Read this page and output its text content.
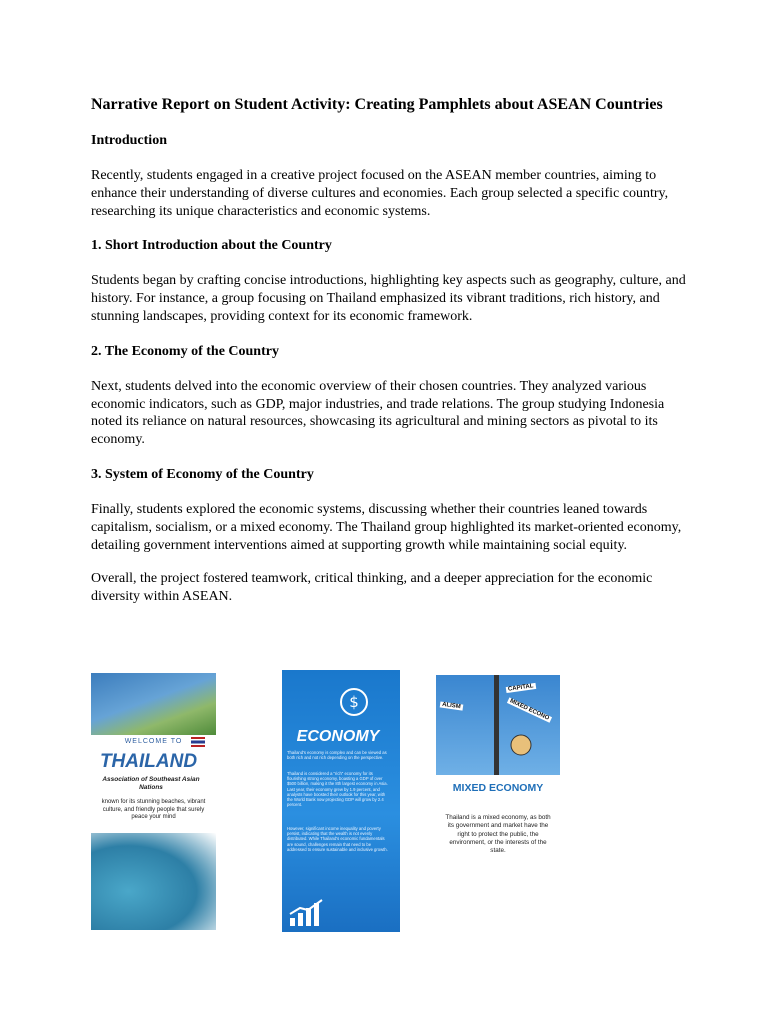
Narrative Report on Student Activity: Creating Pamphlets about ASEAN Countries
Introduction

Recently, students engaged in a creative project focused on the ASEAN member countries, aiming to enhance their understanding of diverse cultures and economies. Each group selected a specific country, researching its unique characteristics and economic systems.

1. Short Introduction about the Country

Students began by crafting concise introductions, highlighting key aspects such as geography, culture, and history. For instance, a group focusing on Thailand emphasized its vibrant traditions, rich history, and stunning landscapes, providing context for its economic framework.

2. The Economy of the Country

Next, students delved into the economic overview of their chosen countries. They analyzed various economic indicators, such as GDP, major industries, and trade relations. The group studying Indonesia noted its reliance on natural resources, showcasing its agricultural and mining sectors as pivotal to its economy.

3. System of Economy of the Country

Finally, students explored the economic systems, discussing whether their countries leaned towards capitalism, socialism, or a mixed economy. The Thailand group highlighted its market-oriented economy, detailing government interventions aimed at supporting growth while maintaining social equity.

Overall, the project fostered teamwork, critical thinking, and a deeper appreciation for the economic diversity within ASEAN.

WELCOME TO
THAILAND
Association of Southeast Asian Nations
known for its stunning beaches, vibrant culture, and friendly people that surely peace your mind
$
ECONOMY
Thailand's economy is complex and can be viewed as both rich and not rich depending on the perspective.
Thailand is considered a "rich" economy for its flourishing strong economy, boasting a GDP of over $500 billion, making it the 8th largest economy in Asia. Last year, their economy grew by 1.9 percent, and analysts have boosted their outlook for this year, with the World Bank now projecting GDP will grow by 2.4 percent.
However, significant income inequality and poverty persist, indicating that the wealth is not evenly distributed. While Thailand's economic fundamentals are sound, challenges remain that need to be addressed to ensure sustainable and inclusive growth.
CAPITAL
ALISM	MIXED ECONO
MIXED ECONOMY
Thailand is a mixed economy, as both its government and market have the right to protect the public, the environment, or the interests of the state.
